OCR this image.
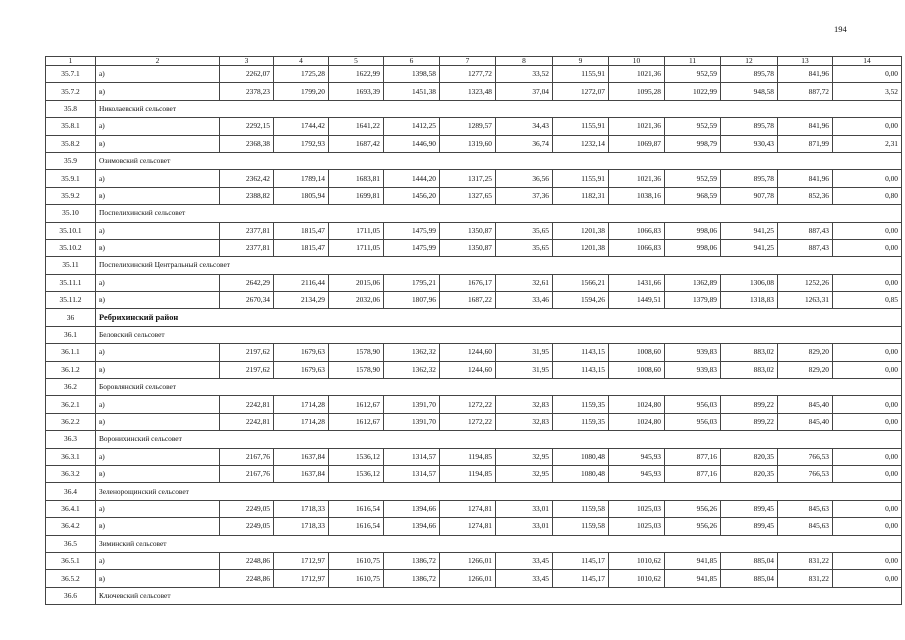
194
1	2	3	4	5	6	7	8	9	10	11	12	13	14
35.7.1	а)	2262,07	1725,28	1622,99	1398,58	1277,72	33,52	1155,91	1021,36	952,59	895,78	841,96	0,00
35.7.2	в)	2378,23	1799,20	1693,39	1451,38	1323,48	37,04	1272,07	1095,28	1022,99	948,58	887,72	3,52
35.8	Николаевский сельсовет												
35.8.1	а)	2292,15	1744,42	1641,22	1412,25	1289,57	34,43	1155,91	1021,36	952,59	895,78	841,96	0,00
35.8.2	в)	2368,38	1792,93	1687,42	1446,90	1319,60	36,74	1232,14	1069,87	998,79	930,43	871,99	2,31
35.9	Озимовский сельсовет												
35.9.1	а)	2362,42	1789,14	1683,81	1444,20	1317,25	36,56	1155,91	1021,36	952,59	895,78	841,96	0,00
35.9.2	в)	2388,82	1805,94	1699,81	1456,20	1327,65	37,36	1182,31	1038,16	968,59	907,78	852,36	0,80
35.10	Поспелихинский сельсовет												
35.10.1	а)	2377,81	1815,47	1711,05	1475,99	1350,87	35,65	1201,38	1066,83	998,06	941,25	887,43	0,00
35.10.2	в)	2377,81	1815,47	1711,05	1475,99	1350,87	35,65	1201,38	1066,83	998,06	941,25	887,43	0,00
35.11	Поспелихинский Центральный сельсовет												
35.11.1	а)	2642,29	2116,44	2015,06	1795,21	1676,17	32,61	1566,21	1431,66	1362,89	1306,08	1252,26	0,00
35.11.2	в)	2670,34	2134,29	2032,06	1807,96	1687,22	33,46	1594,26	1449,51	1379,89	1318,83	1263,31	0,85
36	Ребрихинский район												
36.1	Беловский сельсовет												
36.1.1	а)	2197,62	1679,63	1578,90	1362,32	1244,60	31,95	1143,15	1008,60	939,83	883,02	829,20	0,00
36.1.2	в)	2197,62	1679,63	1578,90	1362,32	1244,60	31,95	1143,15	1008,60	939,83	883,02	829,20	0,00
36.2	Боровлянский сельсовет												
36.2.1	а)	2242,81	1714,28	1612,67	1391,70	1272,22	32,83	1159,35	1024,80	956,03	899,22	845,40	0,00
36.2.2	в)	2242,81	1714,28	1612,67	1391,70	1272,22	32,83	1159,35	1024,80	956,03	899,22	845,40	0,00
36.3	Воронихинский сельсовет												
36.3.1	а)	2167,76	1637,84	1536,12	1314,57	1194,85	32,95	1080,48	945,93	877,16	820,35	766,53	0,00
36.3.2	в)	2167,76	1637,84	1536,12	1314,57	1194,85	32,95	1080,48	945,93	877,16	820,35	766,53	0,00
36.4	Зеленорощинский сельсовет												
36.4.1	а)	2249,05	1718,33	1616,54	1394,66	1274,81	33,01	1159,58	1025,03	956,26	899,45	845,63	0,00
36.4.2	в)	2249,05	1718,33	1616,54	1394,66	1274,81	33,01	1159,58	1025,03	956,26	899,45	845,63	0,00
36.5	Зиминский сельсовет												
36.5.1	а)	2248,86	1712,97	1610,75	1386,72	1266,01	33,45	1145,17	1010,62	941,85	885,04	831,22	0,00
36.5.2	в)	2248,86	1712,97	1610,75	1386,72	1266,01	33,45	1145,17	1010,62	941,85	885,04	831,22	0,00
36.6	Ключевский сельсовет												
